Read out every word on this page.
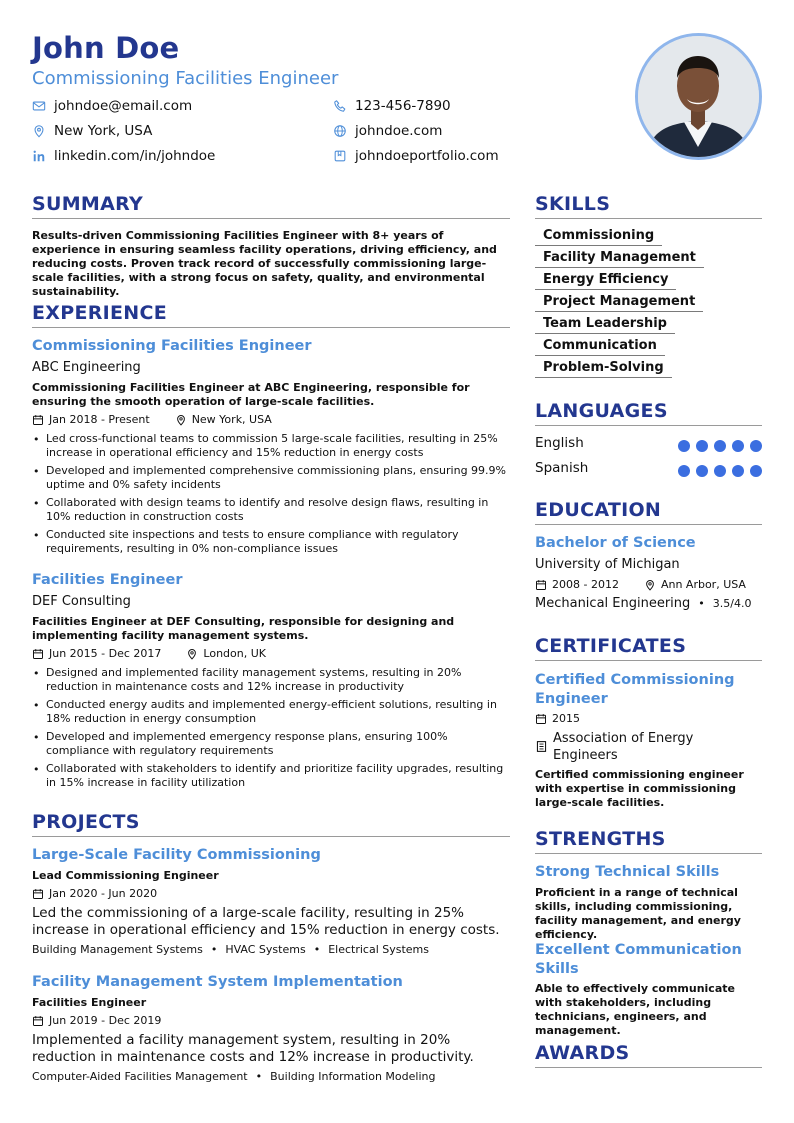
John Doe
Commissioning Facilities Engineer
johndoe@email.com	123-456-7890
New York, USA	johndoe.com
linkedin.com/in/johndoe	johndoeportfolio.com
SUMMARY
Results-driven Commissioning Facilities Engineer with 8+ years of experience in ensuring seamless facility operations, driving efficiency, and reducing costs. Proven track record of successfully commissioning large-scale facilities, with a strong focus on safety, quality, and environmental sustainability.
EXPERIENCE
Commissioning Facilities Engineer
ABC Engineering
Commissioning Facilities Engineer at ABC Engineering, responsible for ensuring the smooth operation of large-scale facilities.
Jan 2018 - Present	New York, USA
• Led cross-functional teams to commission 5 large-scale facilities, resulting in 25% increase in operational efficiency and 15% reduction in energy costs
• Developed and implemented comprehensive commissioning plans, ensuring 99.9% uptime and 0% safety incidents
• Collaborated with design teams to identify and resolve design flaws, resulting in 10% reduction in construction costs
• Conducted site inspections and tests to ensure compliance with regulatory requirements, resulting in 0% non-compliance issues
Facilities Engineer
DEF Consulting
Facilities Engineer at DEF Consulting, responsible for designing and implementing facility management systems.
Jun 2015 - Dec 2017	London, UK
• Designed and implemented facility management systems, resulting in 20% reduction in maintenance costs and 12% increase in productivity
• Conducted energy audits and implemented energy-efficient solutions, resulting in 18% reduction in energy consumption
• Developed and implemented emergency response plans, ensuring 100% compliance with regulatory requirements
• Collaborated with stakeholders to identify and prioritize facility upgrades, resulting in 15% increase in facility utilization
PROJECTS
Large-Scale Facility Commissioning
Lead Commissioning Engineer
Jan 2020 - Jun 2020
Led the commissioning of a large-scale facility, resulting in 25% increase in operational efficiency and 15% reduction in energy costs.
Building Management Systems • HVAC Systems • Electrical Systems
Facility Management System Implementation
Facilities Engineer
Jun 2019 - Dec 2019
Implemented a facility management system, resulting in 20% reduction in maintenance costs and 12% increase in productivity.
Computer-Aided Facilities Management • Building Information Modeling
SKILLS
Commissioning
Facility Management
Energy Efficiency
Project Management
Team Leadership
Communication
Problem-Solving
LANGUAGES
English
Spanish
EDUCATION
Bachelor of Science
University of Michigan
2008 - 2012	Ann Arbor, USA
Mechanical Engineering • 3.5/4.0
CERTIFICATES
Certified Commissioning Engineer
2015
Association of Energy Engineers
Certified commissioning engineer with expertise in commissioning large-scale facilities.
STRENGTHS
Strong Technical Skills
Proficient in a range of technical skills, including commissioning, facility management, and energy efficiency.
Excellent Communication Skills
Able to effectively communicate with stakeholders, including technicians, engineers, and management.
AWARDS
